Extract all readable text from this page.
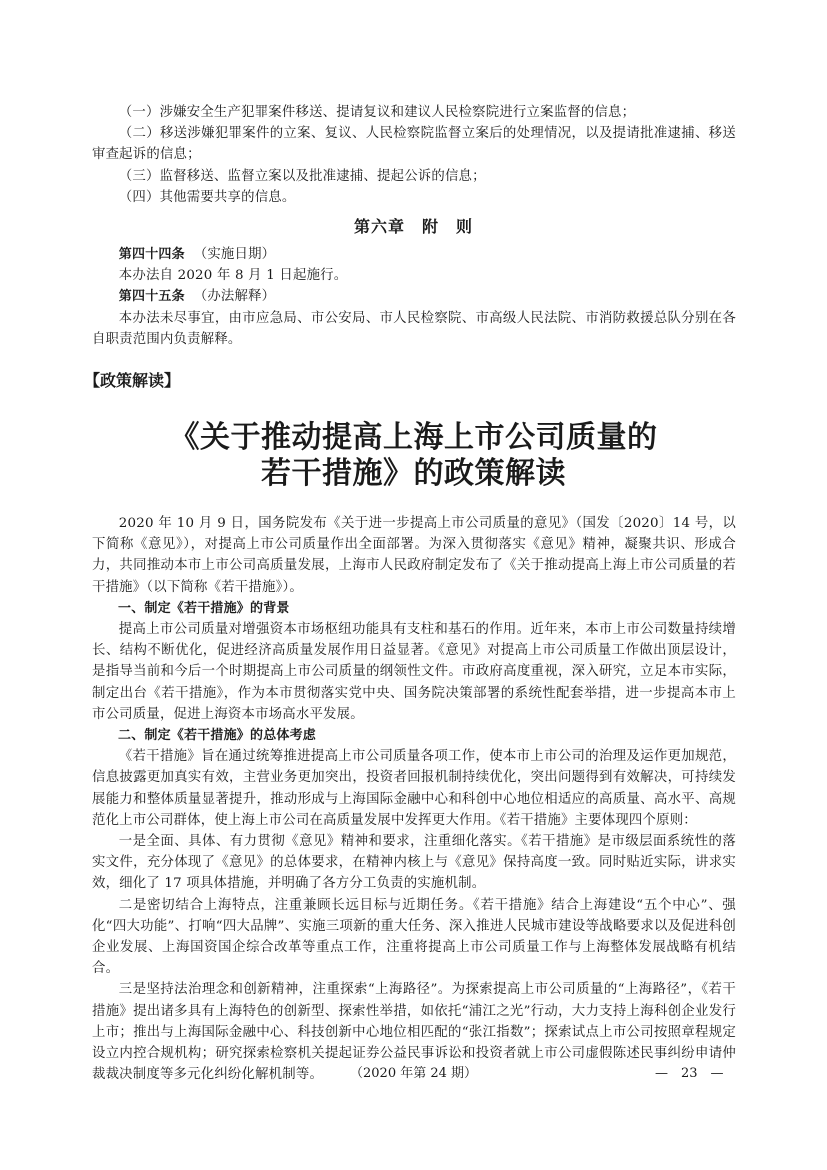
（一）涉嫌安全生产犯罪案件移送、提请复议和建议人民检察院进行立案监督的信息；

（二）移送涉嫌犯罪案件的立案、复议、人民检察院监督立案后的处理情况，以及提请批准逮捕、移送审查起诉的信息；

（三）监督移送、监督立案以及批准逮捕、提起公诉的信息；

（四）其他需要共享的信息。

第六章　附　则

第四十四条 （实施日期）

本办法自 2020 年 8 月 1 日起施行。

第四十五条 （办法解释）

本办法未尽事宜，由市应急局、市公安局、市人民检察院、市高级人民法院、市消防救援总队分别在各自职责范围内负责解释。

【政策解读】
《关于推动提高上海上市公司质量的
若干措施》的政策解读

2020 年 10 月 9 日，国务院发布《关于进一步提高上市公司质量的意见》（国发〔2020〕14 号，以下简称《意见》），对提高上市公司质量作出全面部署。为深入贯彻落实《意见》精神，凝聚共识、形成合力，共同推动本市上市公司高质量发展，上海市人民政府制定发布了《关于推动提高上海上市公司质量的若干措施》（以下简称《若干措施》）。

一、制定《若干措施》的背景

提高上市公司质量对增强资本市场枢纽功能具有支柱和基石的作用。近年来，本市上市公司数量持续增长、结构不断优化，促进经济高质量发展作用日益显著。《意见》对提高上市公司质量工作做出顶层设计，是指导当前和今后一个时期提高上市公司质量的纲领性文件。市政府高度重视，深入研究，立足本市实际，制定出台《若干措施》，作为本市贯彻落实党中央、国务院决策部署的系统性配套举措，进一步提高本市上市公司质量，促进上海资本市场高水平发展。

二、制定《若干措施》的总体考虑

《若干措施》旨在通过统筹推进提高上市公司质量各项工作，使本市上市公司的治理及运作更加规范，信息披露更加真实有效，主营业务更加突出，投资者回报机制持续优化，突出问题得到有效解决，可持续发展能力和整体质量显著提升，推动形成与上海国际金融中心和科创中心地位相适应的高质量、高水平、高规范化上市公司群体，使上海上市公司在高质量发展中发挥更大作用。《若干措施》主要体现四个原则：

一是全面、具体、有力贯彻《意见》精神和要求，注重细化落实。《若干措施》是市级层面系统性的落实文件，充分体现了《意见》的总体要求，在精神内核上与《意见》保持高度一致。同时贴近实际，讲求实效，细化了 17 项具体措施，并明确了各方分工负责的实施机制。

二是密切结合上海特点，注重兼顾长远目标与近期任务。《若干措施》结合上海建设“五个中心”、强化“四大功能”、打响“四大品牌”、实施三项新的重大任务、深入推进人民城市建设等战略要求以及促进科创企业发展、上海国资国企综合改革等重点工作，注重将提高上市公司质量工作与上海整体发展战略有机结合。

三是坚持法治理念和创新精神，注重探索“上海路径”。为探索提高上市公司质量的“上海路径”，《若干措施》提出诸多具有上海特色的创新型、探索性举措，如依托“浦江之光”行动，大力支持上海科创企业发行上市；推出与上海国际金融中心、科技创新中心地位相匹配的“张江指数”；探索试点上市公司按照章程规定设立内控合规机构；研究探索检察机关提起证券公益民事诉讼和投资者就上市公司虚假陈述民事纠纷申请仲裁裁决制度等多元化纠纷化解机制等。	（2020 年第 24 期）	—　23　—
